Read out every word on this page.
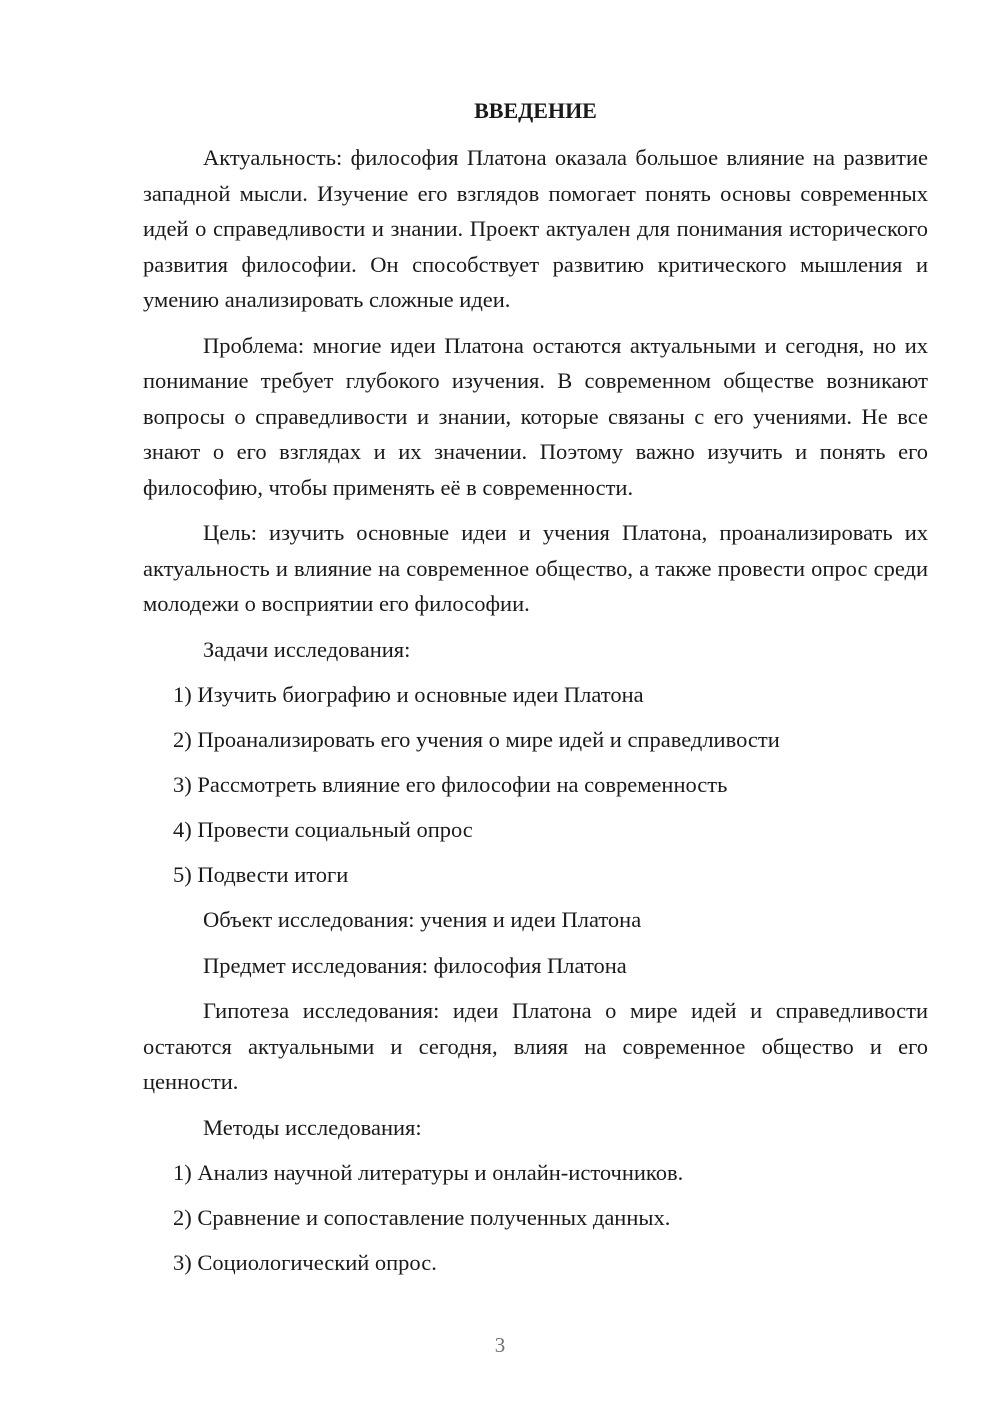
ВВЕДЕНИЕ

Актуальность: философия Платона оказала большое влияние на развитие западной мысли. Изучение его взглядов помогает понять основы современных идей о справедливости и знании. Проект актуален для понимания исторического развития философии. Он способствует развитию критического мышления и умению анализировать сложные идеи.

Проблема: многие идеи Платона остаются актуальными и сегодня, но их понимание требует глубокого изучения. В современном обществе возникают вопросы о справедливости и знании, которые связаны с его учениями. Не все знают о его взглядах и их значении. Поэтому важно изучить и понять его философию, чтобы применять её в современности.

Цель: изучить основные идеи и учения Платона, проанализировать их актуальность и влияние на современное общество, а также провести опрос среди молодежи о восприятии его философии.

Задачи исследования:

1) Изучить биографию и основные идеи Платона
2) Проанализировать его учения о мире идей и справедливости
3) Рассмотреть влияние его философии на современность
4) Провести социальный опрос
5) Подвести итоги

Объект исследования: учения и идеи Платона

Предмет исследования: философия Платона

Гипотеза исследования: идеи Платона о мире идей и справедливости остаются актуальными и сегодня, влияя на современное общество и его ценности.

Методы исследования:

1) Анализ научной литературы и онлайн-источников.
2) Сравнение и сопоставление полученных данных.
3) Социологический опрос.
3
